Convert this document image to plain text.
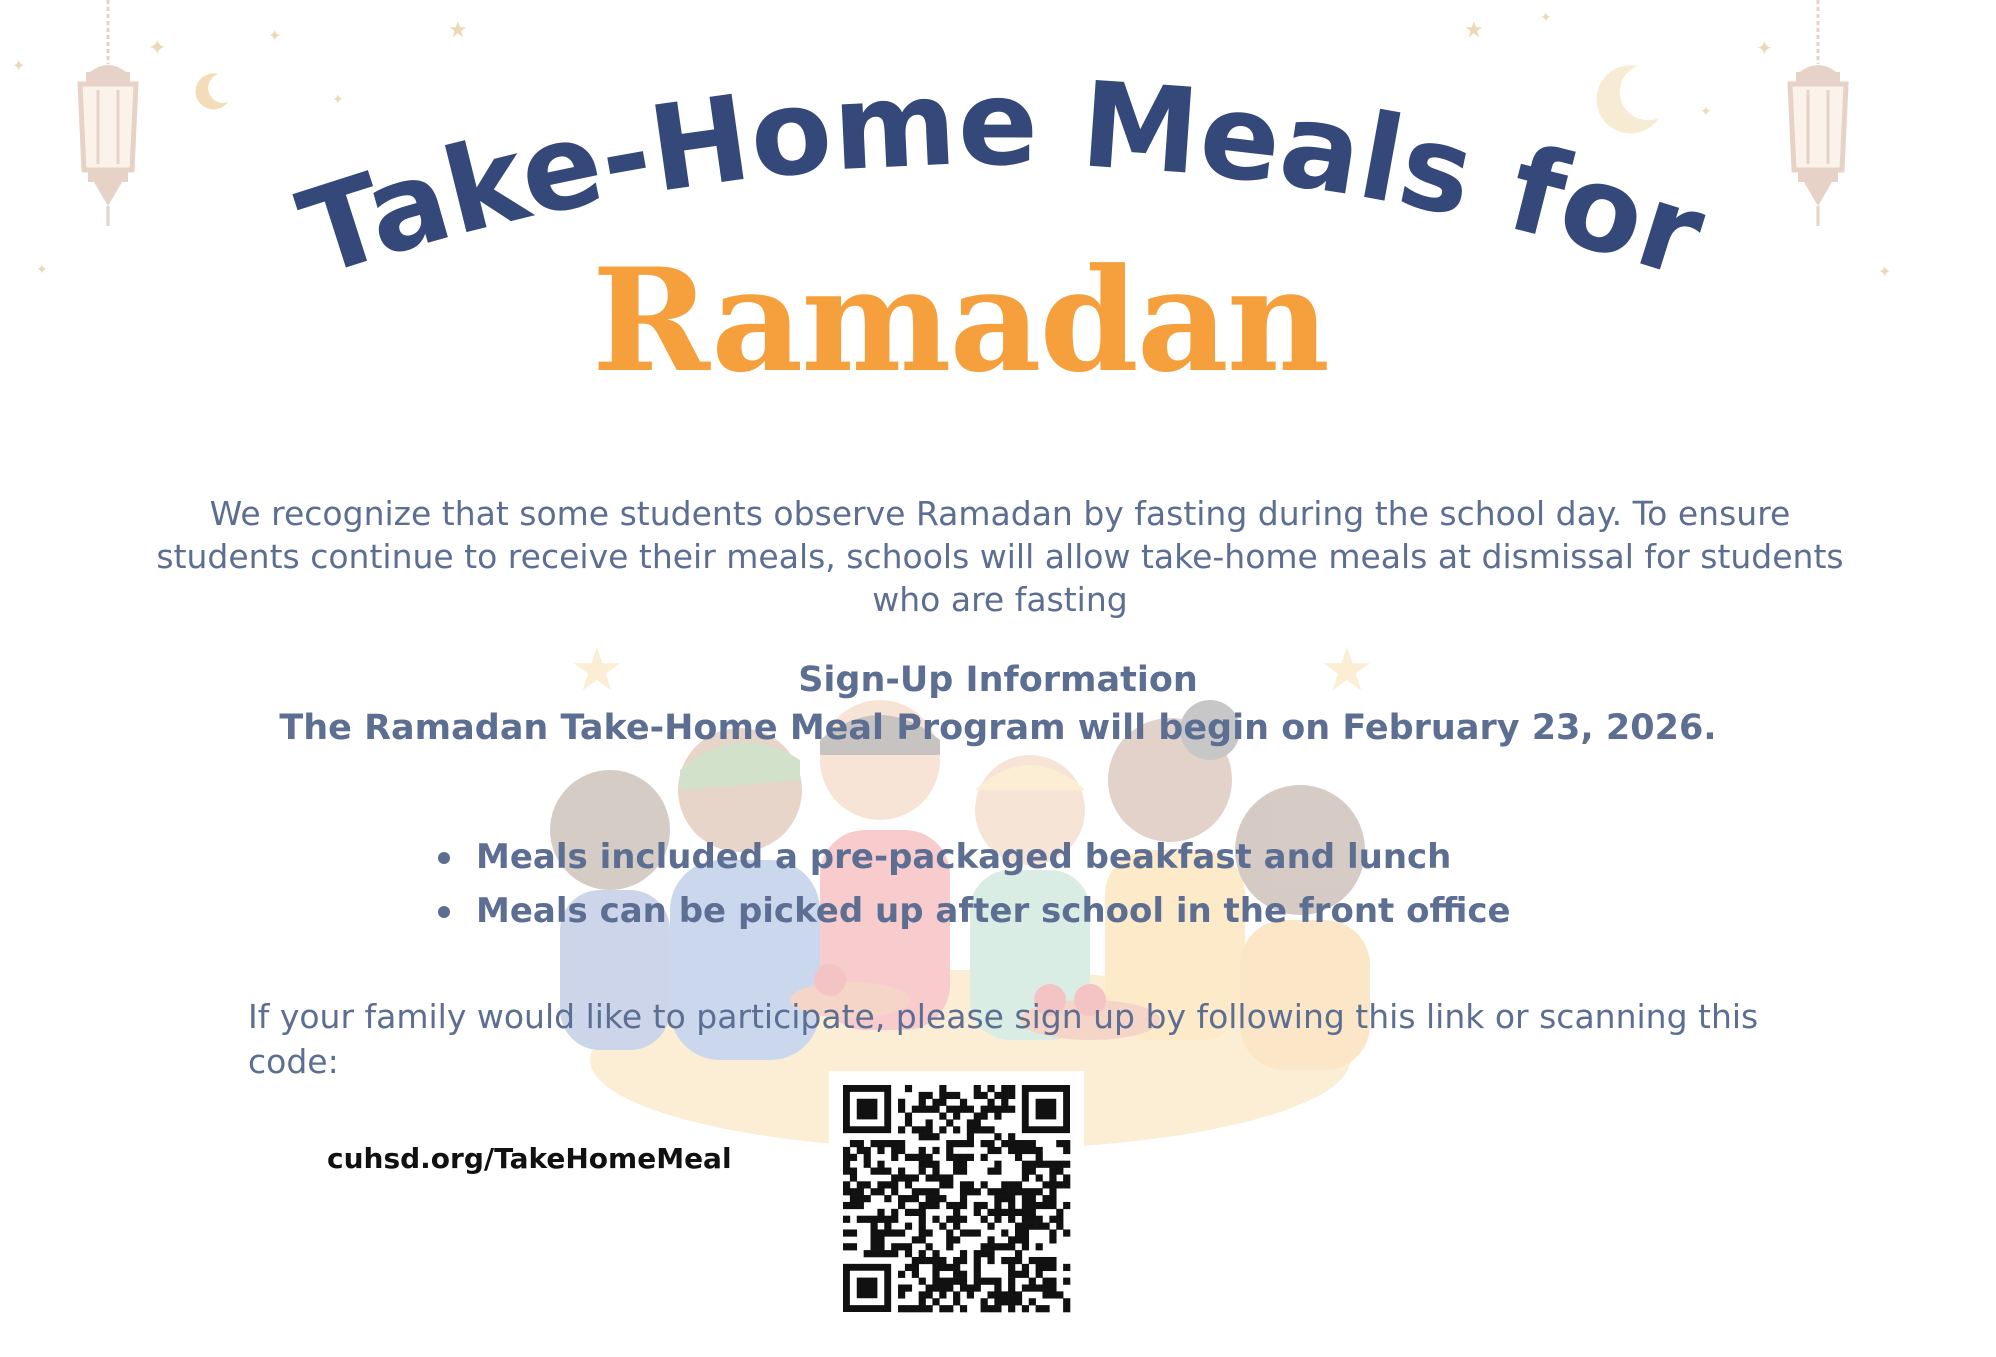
✦
✦
✦	★
✦
✦
★	✦
✦
✦
✦
★	★
Take-Home Meals for
Ramadan
We recognize that some students observe Ramadan by fasting during the school day. To ensure students continue to receive their meals, schools will allow take-home meals at dismissal for students who are fasting
Sign-Up Information
The Ramadan Take-Home Meal Program will begin on February 23, 2026.
Meals included a pre-packaged beakfast and lunch
Meals can be picked up after school in the front office
If your family would like to participate, please sign up by following this link or scanning this code:
cuhsd.org/TakeHomeMeal
